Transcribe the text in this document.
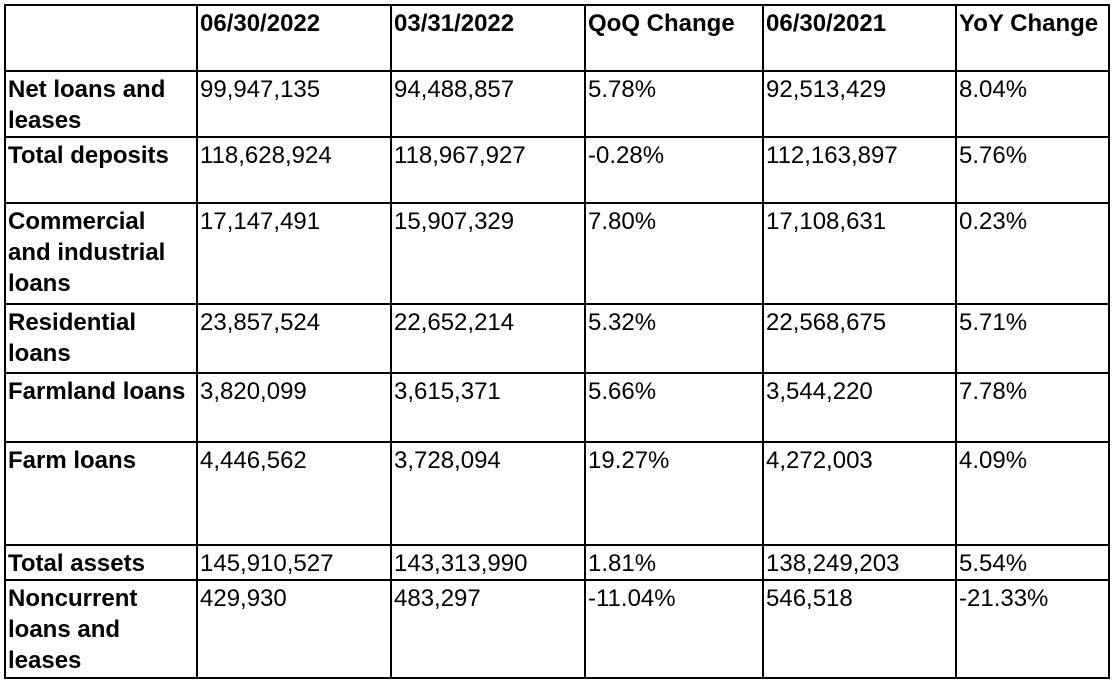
	06/30/2022	03/31/2022	QoQ Change	06/30/2021	YoY Change
Net loans and leases	99,947,135	94,488,857	5.78%	92,513,429	8.04%
Total deposits	118,628,924	118,967,927	-0.28%	112,163,897	5.76%
Commercial and industrial loans	17,147,491	15,907,329	7.80%	17,108,631	0.23%
Residential loans	23,857,524	22,652,214	5.32%	22,568,675	5.71%
Farmland loans	3,820,099	3,615,371	5.66%	3,544,220	7.78%
Farm loans	4,446,562	3,728,094	19.27%	4,272,003	4.09%
Total assets	145,910,527	143,313,990	1.81%	138,249,203	5.54%
Noncurrent loans and leases	429,930	483,297	-11.04%	546,518	-21.33%
